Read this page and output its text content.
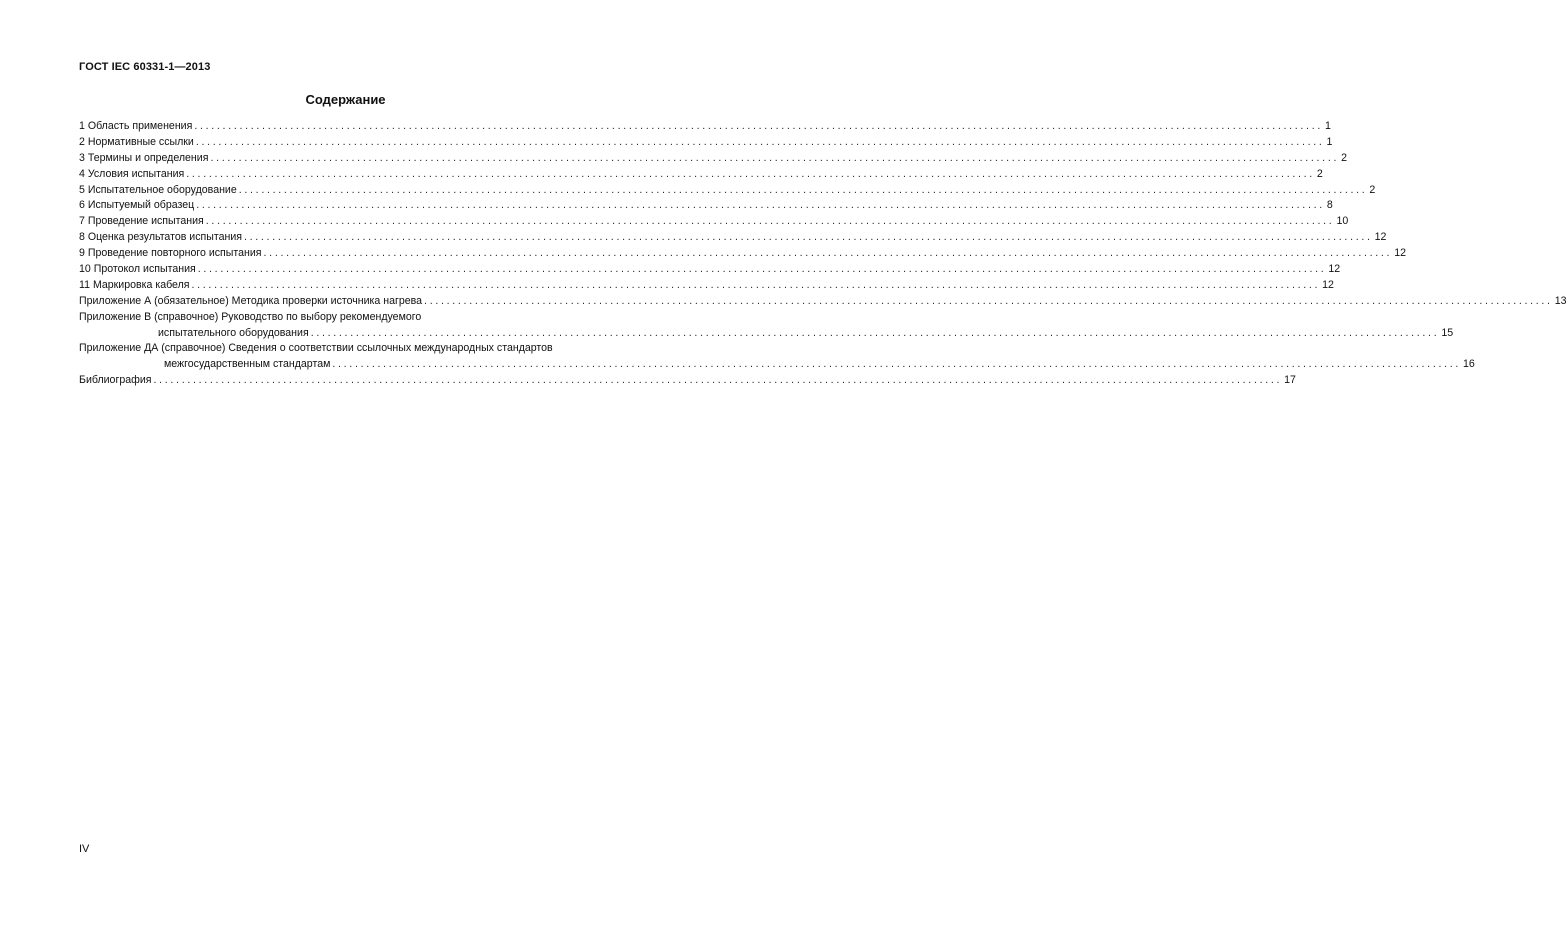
ГОСТ IEC 60331-1—2013
Содержание
1 Область применения ........................................................................................................................................................................................................ 1
2 Нормативные ссылки ........................................................................................................................................................................................................ 1
3 Термины и определения ........................................................................................................................................................................................................ 2
4 Условия испытания ........................................................................................................................................................................................................ 2
5 Испытательное оборудование ........................................................................................................................................................................................................ 2
6 Испытуемый образец ........................................................................................................................................................................................................ 8
7 Проведение испытания ........................................................................................................................................................................................................ 10
8 Оценка результатов испытания ........................................................................................................................................................................................................ 12
9 Проведение повторного испытания ........................................................................................................................................................................................................ 12
10 Протокол испытания ........................................................................................................................................................................................................ 12
11 Маркировка кабеля ........................................................................................................................................................................................................ 12
Приложение А (обязательное) Методика проверки источника нагрева ........................................................................................................................................................................................................ 13
Приложение В (справочное) Руководство по выбору рекомендуемого
испытательного оборудования ........................................................................................................................................................................................................ 15
Приложение ДА (справочное) Сведения о соответствии ссылочных международных стандартов
межгосударственным стандартам ........................................................................................................................................................................................................ 16
Библиография ........................................................................................................................................................................................................ 17
IV
